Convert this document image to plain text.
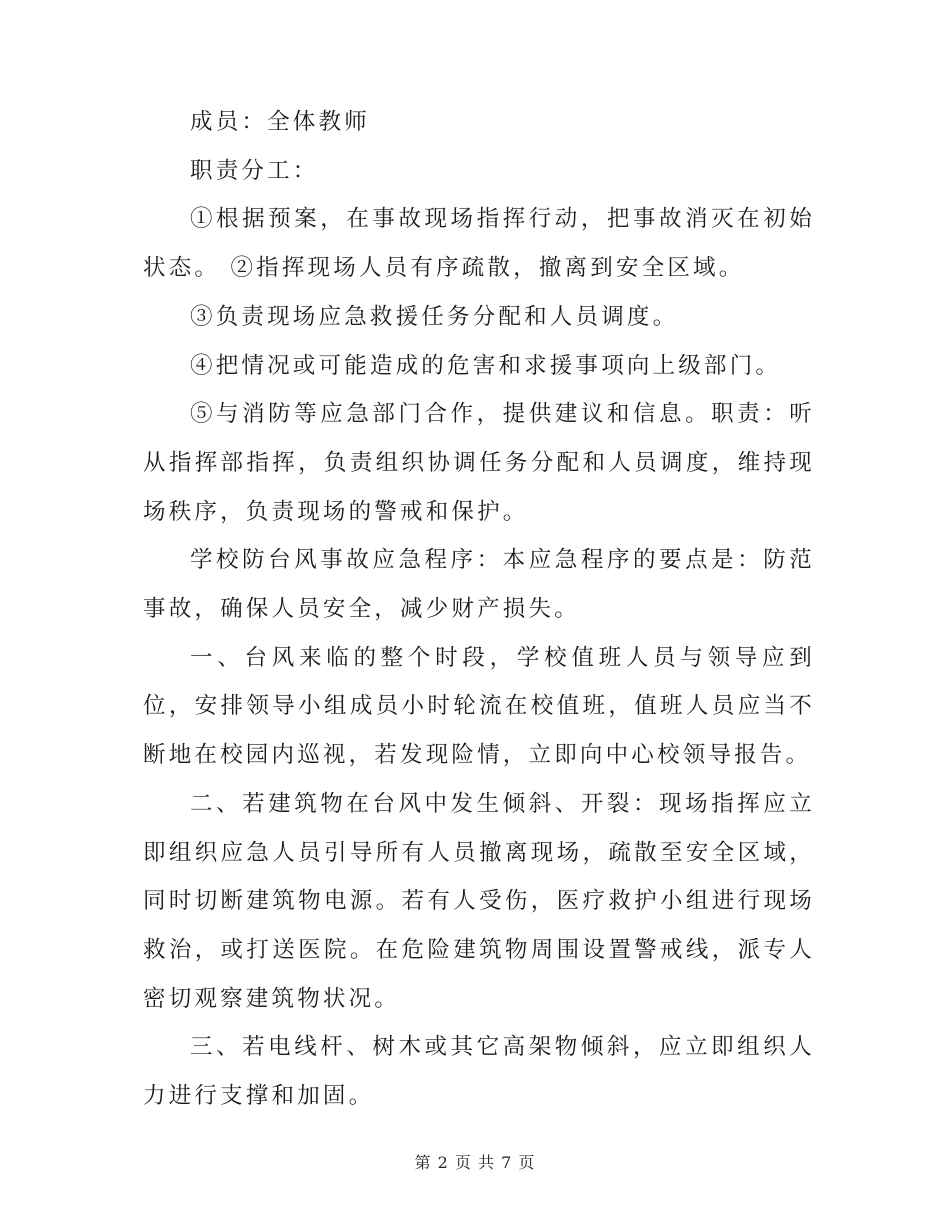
成员：全体教师

职责分工：

①根据预案，在事故现场指挥行动，把事故消灭在初始状态。 ②指挥现场人员有序疏散，撤离到安全区域。

③负责现场应急救援任务分配和人员调度。

④把情况或可能造成的危害和求援事项向上级部门。

⑤与消防等应急部门合作，提供建议和信息。职责：听从指挥部指挥，负责组织协调任务分配和人员调度，维持现场秩序，负责现场的警戒和保护。

学校防台风事故应急程序：本应急程序的要点是：防范事故，确保人员安全，减少财产损失。

一、台风来临的整个时段，学校值班人员与领导应到位，安排领导小组成员小时轮流在校值班，值班人员应当不断地在校园内巡视，若发现险情，立即向中心校领导报告。

二、若建筑物在台风中发生倾斜、开裂：现场指挥应立即组织应急人员引导所有人员撤离现场，疏散至安全区域，同时切断建筑物电源。若有人受伤，医疗救护小组进行现场救治，或打送医院。在危险建筑物周围设置警戒线，派专人密切观察建筑物状况。

三、若电线杆、树木或其它高架物倾斜，应立即组织人力进行支撑和加固。

第 2 页 共 7 页
